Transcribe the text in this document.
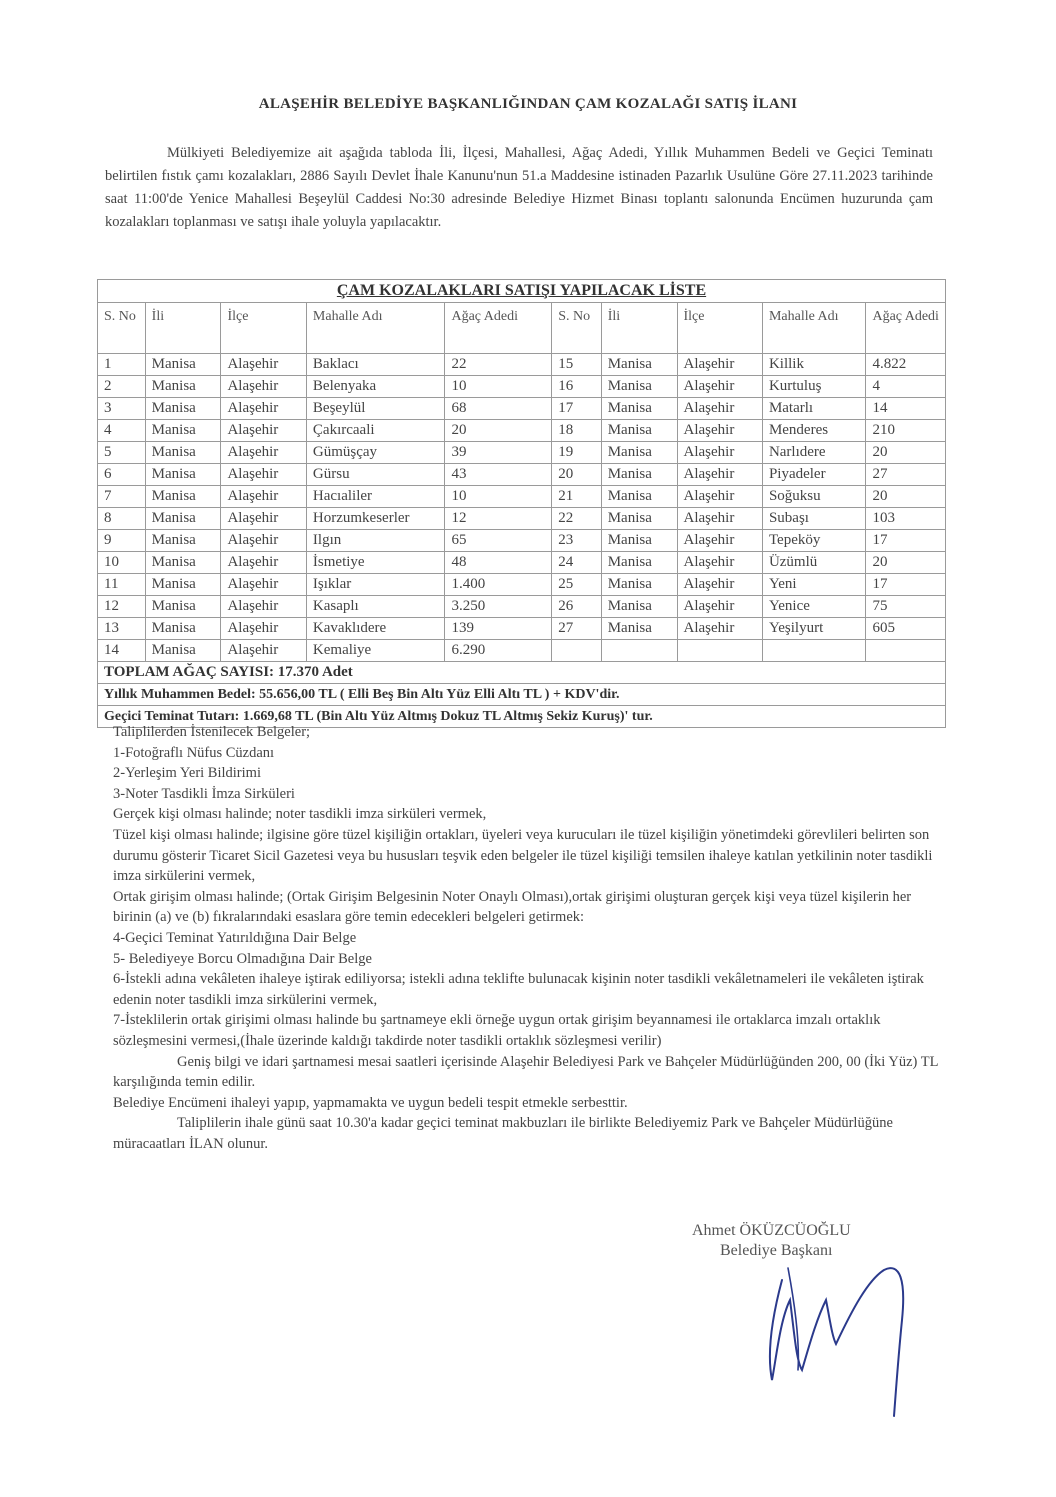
ALAŞEHİR BELEDİYE BAŞKANLIĞINDAN ÇAM KOZALAĞI SATIŞ İLANI
Mülkiyeti Belediyemize ait aşağıda tabloda İli, İlçesi, Mahallesi, Ağaç Adedi, Yıllık Muhammen Bedeli ve Geçici Teminatı belirtilen fıstık çamı kozalakları, 2886 Sayılı Devlet İhale Kanunu'nun 51.a Maddesine istinaden Pazarlık Usulüne Göre 27.11.2023 tarihinde saat 11:00'de Yenice Mahallesi Beşeylül Caddesi No:30 adresinde Belediye Hizmet Binası toplantı salonunda Encümen huzurunda çam kozalakları toplanması ve satışı ihale yoluyla yapılacaktır.
ÇAM KOZALAKLARI SATIŞI YAPILACAK LİSTE									
S. No	İli	İlçe	Mahalle Adı	Ağaç Adedi	S. No	İli	İlçe	Mahalle Adı	Ağaç Adedi
1	Manisa	Alaşehir	Baklacı	22	15	Manisa	Alaşehir	Killik	4.822
2	Manisa	Alaşehir	Belenyaka	10	16	Manisa	Alaşehir	Kurtuluş	4
3	Manisa	Alaşehir	Beşeylül	68	17	Manisa	Alaşehir	Matarlı	14
4	Manisa	Alaşehir	Çakırcaali	20	18	Manisa	Alaşehir	Menderes	210
5	Manisa	Alaşehir	Gümüşçay	39	19	Manisa	Alaşehir	Narlıdere	20
6	Manisa	Alaşehir	Gürsu	43	20	Manisa	Alaşehir	Piyadeler	27
7	Manisa	Alaşehir	Hacıaliler	10	21	Manisa	Alaşehir	Soğuksu	20
8	Manisa	Alaşehir	Horzumkeserler	12	22	Manisa	Alaşehir	Subaşı	103
9	Manisa	Alaşehir	Ilgın	65	23	Manisa	Alaşehir	Tepeköy	17
10	Manisa	Alaşehir	İsmetiye	48	24	Manisa	Alaşehir	Üzümlü	20
11	Manisa	Alaşehir	Işıklar	1.400	25	Manisa	Alaşehir	Yeni	17
12	Manisa	Alaşehir	Kasaplı	3.250	26	Manisa	Alaşehir	Yenice	75
13	Manisa	Alaşehir	Kavaklıdere	139	27	Manisa	Alaşehir	Yeşilyurt	605
14	Manisa	Alaşehir	Kemaliye	6.290					
TOPLAM AĞAÇ SAYISI: 17.370 Adet									
Yıllık Muhammen Bedel: 55.656,00 TL ( Elli Beş Bin Altı Yüz Elli Altı TL ) + KDV'dir.									
Geçici Teminat Tutarı: 1.669,68 TL (Bin Altı Yüz Altmış Dokuz TL Altmış Sekiz Kuruş)' tur.									

Taliplilerden İstenilecek Belgeler;

1-Fotoğraflı Nüfus Cüzdanı

2-Yerleşim Yeri Bildirimi

3-Noter Tasdikli İmza Sirküleri

Gerçek kişi olması halinde; noter tasdikli imza sirküleri vermek,

Tüzel kişi olması halinde; ilgisine göre tüzel kişiliğin ortakları, üyeleri veya kurucuları ile tüzel kişiliğin yönetimdeki görevlileri belirten son durumu gösterir Ticaret Sicil Gazetesi veya bu hususları teşvik eden belgeler ile tüzel kişiliği temsilen ihaleye katılan yetkilinin noter tasdikli imza sirkülerini vermek,

Ortak girişim olması halinde; (Ortak Girişim Belgesinin Noter Onaylı Olması),ortak girişimi oluşturan gerçek kişi veya tüzel kişilerin her birinin (a) ve (b) fıkralarındaki esaslara göre temin edecekleri belgeleri getirmek:

4-Geçici Teminat Yatırıldığına Dair Belge

5- Belediyeye Borcu Olmadığına Dair Belge

6-İstekli adına vekâleten ihaleye iştirak ediliyorsa; istekli adına teklifte bulunacak kişinin noter tasdikli vekâletnameleri ile vekâleten iştirak edenin noter tasdikli imza sirkülerini vermek,

7-İsteklilerin ortak girişimi olması halinde bu şartnameye ekli örneğe uygun ortak girişim beyannamesi ile ortaklarca imzalı ortaklık sözleşmesini vermesi,(İhale üzerinde kaldığı takdirde noter tasdikli ortaklık sözleşmesi verilir)

Geniş bilgi ve idari şartnamesi mesai saatleri içerisinde Alaşehir Belediyesi Park ve Bahçeler Müdürlüğünden 200, 00 (İki Yüz) TL karşılığında temin edilir.

Belediye Encümeni ihaleyi yapıp, yapmamakta ve uygun bedeli tespit etmekle serbesttir.

Taliplilerin ihale günü saat 10.30'a kadar geçici teminat makbuzları ile birlikte Belediyemiz Park ve Bahçeler Müdürlüğüne müracaatları İLAN olunur.

Ahmet ÖKÜZCÜOĞLU
Belediye Başkanı
